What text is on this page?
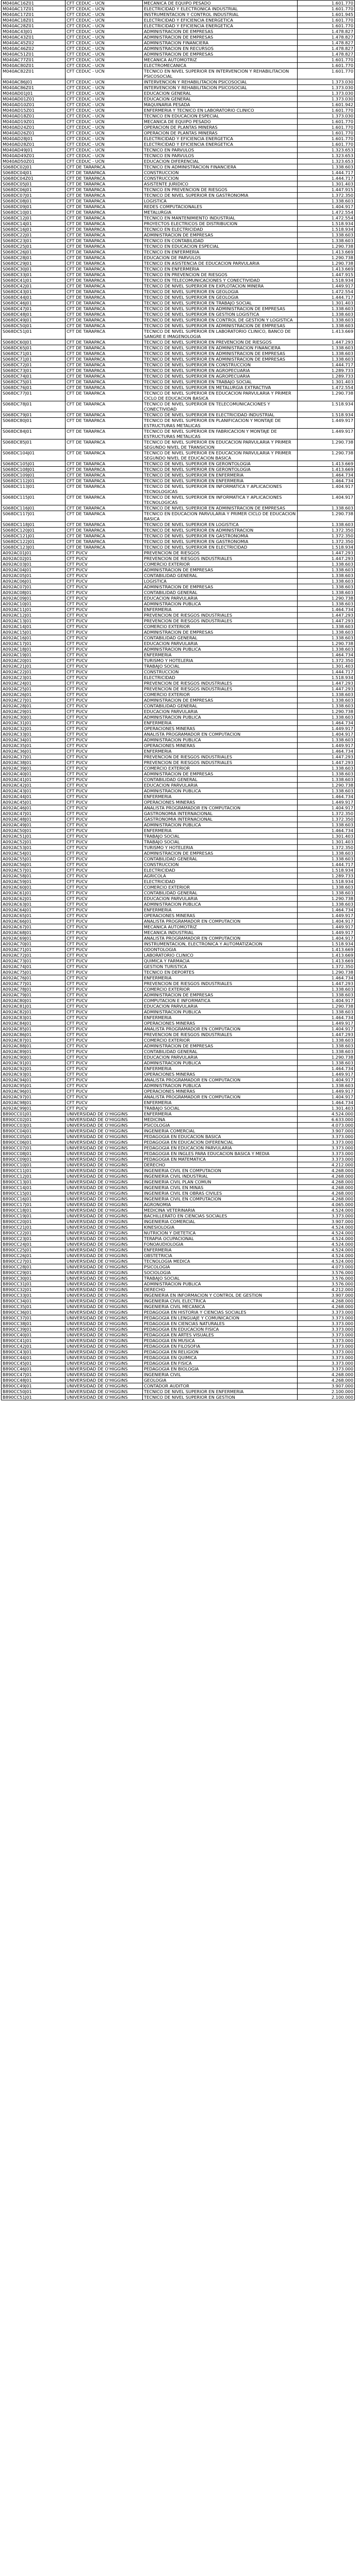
M040AC16Z01	CFT CEDUC - UCN	MECANICA DE EQUIPO PESADO	1.601.770
M040AC17Z01	CFT CEDUC - UCN	ELECTRICIDAD Y ELECTRONICA INDUSTRIAL	1.601.770
M040AC17Z01	CFT CEDUC - UCN	INSTRUMENTACION Y CONTROL INDUSTRIAL	1.601.945
M040AC18Z01	CFT CEDUC - UCN	ELECTRICIDAD Y EFICIENCIA ENERGETICA	1.601.770
M040AC28Z01	CFT CEDUC - UCN	ELECTRICIDAD Y EFICIENCIA ENERGETICA	1.601.770
M040AC43J01	CFT CEDUC - UCN	ADMINISTRACION DE EMPRESAS	1.478.827
M040AC43Z01	CFT CEDUC - UCN	ADMINISTRACION DE EMPRESAS	1.478.827
M040AC45Z02	CFT CEDUC - UCN	ADMINISTRACION FINANCIERA	1.478.827
M040AC46Z02	CFT CEDUC - UCN	ADMINISTRACION EN RECURSOS	1.478.827
M040AC51Z01	CFT CEDUC - UCN	ADMINISTRACION DE EMPRESAS	1.478.827
M040AC77Z01	CFT CEDUC - UCN	MECANICA AUTOMOTRIZ	1.601.770
M040AC80Z01	CFT CEDUC - UCN	ELECTROMECANICA	1.601.770
M040AC82Z01	CFT CEDUC - UCN	TECNICO EN NIVEL SUPERIOR EN INTERVENCION Y REHABILITACION PSICOSOCIAL	1.601.770
M040AC86J01	CFT CEDUC - UCN	INTERVENCION Y REHABILITACION PSICOSOCIAL	1.373.030
M040AC86Z01	CFT CEDUC - UCN	INTERVENCION Y REHABILITACION PSICOSOCIAL	1.373.030
M040AD01J01	CFT CEDUC - UCN	EDUCACION GENERAL	1.373.030
M040AD01Z01	CFT CEDUC - UCN	EDUCACION GENERAL	1.373.030
M040AD10Z01	CFT CEDUC - UCN	MAQUINARIA PESADA	1.601.942
M040AD15Z01	CFT CEDUC - UCN	ENFERMERIA Y TECNICO EN LABORATORIO CLINICO	1.601.770
M040AD18Z01	CFT CEDUC - UCN	TECNICO EN EDUCACION ESPECIAL	1.373.030
M040AD19Z01	CFT CEDUC - UCN	MECANICA DE EQUIPO PESADO	1.601.770
M040AD24Z01	CFT CEDUC - UCN	OPERACION DE PLANTAS MINERAS	1.601.770
M040AD26Z01	CFT CEDUC - UCN	OPERACION DE PLANTAS MINERAS	1.601.770
M040AD28J01	CFT CEDUC - UCN	ELECTRICIDAD Y EFICIENCIA ENERGETICA	1.601.770
M040AD28Z01	CFT CEDUC - UCN	ELECTRICIDAD Y EFICIENCIA ENERGETICA	1.601.770
M040AD49J01	CFT CEDUC - UCN	TECNICO EN PARVULOS	1.323.653
M040AD49Z01	CFT CEDUC - UCN	TECNICO EN PARVULOS	1.323.653
M040AD50Z01	CFT CEDUC - UCN	EDUCACION DIFERENCIAL	1.323.653
S068DC02J01	CFT DE TARAPACA	TECNICO EN ADMINISTRACION FINANCIERA	1.338.603
S068DC04J01	CFT DE TARAPACA	CONSTRUCCION	1.444.717
S068DC04Z01	CFT DE TARAPACA	CONSTRUCCION	1.444.717
S068DC05J01	CFT DE TARAPACA	ASISTENTE JURIDICO	1.301.403
S068DC06J01	CFT DE TARAPACA	TECNICO EN PREVENCION DE RIESGOS	1.447.915
S068DC07J01	CFT DE TARAPACA	TECNICO DE NIVEL SUPERIOR EN GASTRONOMIA	1.372.350
S068DC08J01	CFT DE TARAPACA	LOGISTICA	1.338.603
S068DC09J01	CFT DE TARAPACA	REDES COMPUTACIONALES	1.404.917
S068DC10J01	CFT DE TARAPACA	METALURGIA	1.472.554
S068DC12J01	CFT DE TARAPACA	TECNICO EN MANTENIMIENTO INDUSTRIAL	1.472.554
S068DC14J01	CFT DE TARAPACA	PROYECTOS ELECTRICOS DE DISTRIBUCION	1.518.934
S068DC16J01	CFT DE TARAPACA	TECNICO EN ELECTRICIDAD	1.518.934
S068DC22J01	CFT DE TARAPACA	ADMINISTRACION DE EMPRESAS	1.338.603
S068DC23J01	CFT DE TARAPACA	TECNICO EN CONTABILIDAD	1.338.603
S068DC25J01	CFT DE TARAPACA	TECNICO EN EDUCACION ESPECIAL	1.290.738
S068DC26J01	CFT DE TARAPACA	TECNICO EN ENFERMERIA	1.413.669
S068DC28J01	CFT DE TARAPACA	EDUCACION DE PARVULOS	1.290.738
S068DC29J01	CFT DE TARAPACA	TECNICO EN ASISTENCIA DE EDUCACION PARVULARIA	1.290.738
S068DC30J01	CFT DE TARAPACA	TECNICO EN ENFERMERIA	1.413.669
S068DC33J01	CFT DE TARAPACA	TECNICO EN PREVENCION DE RIESGOS	1.447.915
S068DC41J01	CFT DE TARAPACA	TECNICO EN TELECOMUNICACIONES Y CONECTIVIDAD	1.518.934
S068DC42J01	CFT DE TARAPACA	TECNICO DE NIVEL SUPERIOR EN EXPLOTACION MINERA	1.449.917
S068DC43J01	CFT DE TARAPACA	TECNICO DE NIVEL SUPERIOR EN GEOLOGIA	1.472.554
S068DC44J01	CFT DE TARAPACA	TECNICO DE NIVEL SUPERIOR EN GEOLOGIA	1.444.717
S068DC46J01	CFT DE TARAPACA	TECNICO DE NIVEL SUPERIOR EN TRABAJO SOCIAL	1.301.403
S068DC47J01	CFT DE TARAPACA	TECNICO DE NIVEL SUPERIOR EN ADMINISTRACION DE EMPRESAS	1.338.603
S068DC48J01	CFT DE TARAPACA	TECNICO DE NIVEL SUPERIOR EN GESTION LOGISTICA	1.338.603
S068DC49J01	CFT DE TARAPACA	TECNICO DE NIVEL SUPERIOR EN CONTROL DE GESTION Y LOGISTICA	1.338.603
S068DC50J01	CFT DE TARAPACA	TECNICO DE NIVEL SUPERIOR EN ADMINISTRACION DE EMPRESAS	1.338.603
S068DC51J01	CFT DE TARAPACA	TECNICO DE NIVEL SUPERIOR EN LABORATORIO CLINICO, BANCO DE SANGRE E IMAGENOLOGIA	1.413.669
S068DC60J01	CFT DE TARAPACA	TECNICO DE NIVEL SUPERIOR EN PREVENCION DE RIESGOS	1.447.293
S068DC65J01	CFT DE TARAPACA	TECNICO DE NIVEL SUPERIOR EN ADMINISTRACION FINANCIERA	1.338.603
S068DC71J01	CFT DE TARAPACA	TECNICO DE NIVEL SUPERIOR EN ADMINISTRACION DE EMPRESAS	1.338.603
S068DC71J01	CFT DE TARAPACA	TECNICO DE NIVEL SUPERIOR EN ADMINISTRACION DE EMPRESAS	1.338.603
S068DC72J01	CFT DE TARAPACA	TECNICO DE NIVEL SUPERIOR EN CONSTRUCCION	1.444.717
S068DC73J01	CFT DE TARAPACA	TECNICO DE NIVEL SUPERIOR EN AGROPECUARIA	1.289.733
S068DC74J01	CFT DE TARAPACA	TECNICO DE NIVEL SUPERIOR EN AGROPECUARIA	1.289.733
S068DC75J01	CFT DE TARAPACA	TECNICO DE NIVEL SUPERIOR EN TRABAJO SOCIAL	1.301.403
S068DC76J01	CFT DE TARAPACA	TECNICO DE NIVEL SUPERIOR EN METALURGIA EXTRACTIVA	1.472.554
S068DC77J01	CFT DE TARAPACA	TECNICO DE NIVEL SUPERIOR EN EDUCACION PARVULARIA Y PRIMER CICLO DE EDUCACION BASICA	1.290.738
S068DC78J01	CFT DE TARAPACA	TECNICO DE NIVEL SUPERIOR EN TELECOMUNICACIONES Y CONECTIVIDAD	1.518.934
S068DC79J01	CFT DE TARAPACA	TECNICO DE NIVEL SUPERIOR EN ELECTRICIDAD INDUSTRIAL	1.518.934
S068DC80J01	CFT DE TARAPACA	TECNICO DE NIVEL SUPERIOR EN PLANIFICACION Y MONTAJE DE ESTRUCTURAS METALICAS	1.449.917
S068DC84J01	CFT DE TARAPACA	TECNICO DE NIVEL SUPERIOR EN FABRICACION Y MONTAJE DE ESTRUCTURAS METALICAS	1.449.917
S068DC85J01	CFT DE TARAPACA	TECNICO DE NIVEL SUPERIOR EN EDUCACION PARVULARIA Y PRIMER SEGUNDO NIVEL DE TRANSICION	1.290.738
S068DC104J01	CFT DE TARAPACA	TECNICO DE NIVEL SUPERIOR EN EDUCACION PARVULARIA Y PRIMER SEGUNDO NIVEL DE EDUCACION BASICA	1.290.738
S068DC105J01	CFT DE TARAPACA	TECNICO DE NIVEL SUPERIOR EN GERONTOLOGIA	1.413.669
S068DC108J01	CFT DE TARAPACA	TECNICO DE NIVEL SUPERIOR EN GERONTOLOGIA	1.413.669
S068DC109J01	CFT DE TARAPACA	TECNICO DE NIVEL SUPERIOR EN ENFERMERIA	1.464.734
S068DC112J01	CFT DE TARAPACA	TECNICO DE NIVEL SUPERIOR EN ENFERMERIA	1.464.734
S068DC113J01	CFT DE TARAPACA	TECNICO DE NIVEL SUPERIOR EN INFORMATICA Y APLICACIONES TECNOLOGICAS	1.404.917
S068DC115J01	CFT DE TARAPACA	TECNICO DE NIVEL SUPERIOR EN INFORMATICA Y APLICACIONES TECNOLOGICAS	1.404.917
S068DC116J01	CFT DE TARAPACA	TECNICO DE NIVEL SUPERIOR EN ADMINISTRACION DE EMPRESAS	1.338.603
S068DC117J01	CFT DE TARAPACA	TECNICO EN EDUCACION PARVULARIA Y PRIMER CICLO DE EDUCACION BASICA	1.290.738
S068DC118J01	CFT DE TARAPACA	TECNICO DE NIVEL SUPERIOR EN LOGISTICA	1.338.603
S068DC120J01	CFT DE TARAPACA	TECNICO DE NIVEL SUPERIOR EN ADMINISTRACION	1.372.350
S068DC121J01	CFT DE TARAPACA	TECNICO DE NIVEL SUPERIOR EN GASTRONOMIA	1.372.350
S068DC122J01	CFT DE TARAPACA	TECNICO DE NIVEL SUPERIOR EN GASTRONOMIA	1.372.350
S068DC123J01	CFT DE TARAPACA	TECNICO DE NIVEL SUPERIOR EN ELECTRICIDAD	1.518.934
A092AC01J01	CFT PUCV	PREVENCION DE RIESGOS	1.447.293
A092AC02J01	CFT PUCV	PREVENCION DE RIESGOS INDUSTRIALES	1.447.293
A092AC03J01	CFT PUCV	COMERCIO EXTERIOR	1.338.603
A092AC04J01	CFT PUCV	ADMINISTRACION DE EMPRESAS	1.338.603
A092AC05J01	CFT PUCV	CONTABILIDAD GENERAL	1.338.603
A092AC06J01	CFT PUCV	LOGISTICA	1.338.603
A092AC07J01	CFT PUCV	ADMINISTRACION DE EMPRESAS	1.338.603
A092AC08J01	CFT PUCV	CONTABILIDAD GENERAL	1.338.603
A092AC09J01	CFT PUCV	EDUCACION PARVULARIA	1.290.738
A092AC10J01	CFT PUCV	ADMINISTRACION PUBLICA	1.338.603
A092AC11J01	CFT PUCV	ENFERMERIA	1.464.734
A092AC12J01	CFT PUCV	PREVENCION DE RIESGOS INDUSTRIALES	1.447.293
A092AC13J01	CFT PUCV	PREVENCION DE RIESGOS INDUSTRIALES	1.447.293
A092AC14J01	CFT PUCV	COMERCIO EXTERIOR	1.338.603
A092AC15J01	CFT PUCV	ADMINISTRACION DE EMPRESAS	1.338.603
A092AC16J01	CFT PUCV	CONTABILIDAD GENERAL	1.338.603
A092AC17J01	CFT PUCV	EDUCACION PARVULARIA	1.290.738
A092AC18J01	CFT PUCV	ADMINISTRACION PUBLICA	1.338.603
A092AC19J01	CFT PUCV	ENFERMERIA	1.464.734
A092AC20J01	CFT PUCV	TURISMO Y HOTELERIA	1.372.350
A092AC21J01	CFT PUCV	TRABAJO SOCIAL	1.301.403
A092AC22J01	CFT PUCV	CONSTRUCCION	1.444.717
A092AC23J01	CFT PUCV	ELECTRICIDAD	1.518.934
A092AC24J01	CFT PUCV	PREVENCION DE RIESGOS INDUSTRIALES	1.447.293
A092AC25J01	CFT PUCV	PREVENCION DE RIESGOS INDUSTRIALES	1.447.293
A092AC26J01	CFT PUCV	COMERCIO EXTERIOR	1.338.603
A092AC27J01	CFT PUCV	ADMINISTRACION DE EMPRESAS	1.338.603
A092AC28J01	CFT PUCV	CONTABILIDAD GENERAL	1.338.603
A092AC29J01	CFT PUCV	EDUCACION PARVULARIA	1.290.738
A092AC30J01	CFT PUCV	ADMINISTRACION PUBLICA	1.338.603
A092AC31J01	CFT PUCV	ENFERMERIA	1.464.734
A092AC32J01	CFT PUCV	OPERACIONES MINERAS	1.449.917
A092AC33J01	CFT PUCV	ANALISTA PROGRAMADOR EN COMPUTACION	1.404.917
A092AC34J01	CFT PUCV	ADMINISTRACION PUBLICA	1.338.603
A092AC35J01	CFT PUCV	OPERACIONES MINERAS	1.449.917
A092AC36J01	CFT PUCV	ENFERMERIA	1.464.734
A092AC37J01	CFT PUCV	PREVENCION DE RIESGOS INDUSTRIALES	1.447.293
A092AC38J01	CFT PUCV	PREVENCION DE RIESGOS INDUSTRIALES	1.447.293
A092AC39J01	CFT PUCV	COMERCIO EXTERIOR	1.338.603
A092AC40J01	CFT PUCV	ADMINISTRACION DE EMPRESAS	1.338.603
A092AC41J01	CFT PUCV	CONTABILIDAD GENERAL	1.338.603
A092AC42J01	CFT PUCV	EDUCACION PARVULARIA	1.290.738
A092AC43J01	CFT PUCV	ADMINISTRACION PUBLICA	1.338.603
A092AC44J01	CFT PUCV	ENFERMERIA	1.464.734
A092AC45J01	CFT PUCV	OPERACIONES MINERAS	1.449.917
A092AC46J01	CFT PUCV	ANALISTA PROGRAMADOR EN COMPUTACION	1.404.917
A092AC47J01	CFT PUCV	GASTRONOMIA INTERNACIONAL	1.372.350
A092AC48J01	CFT PUCV	GASTRONOMIA INTERNACIONAL	1.372.350
A092AC49J01	CFT PUCV	ADMINISTRACION PUBLICA	1.338.603
A092AC50J01	CFT PUCV	ENFERMERIA	1.464.734
A092AC51J01	CFT PUCV	TRABAJO SOCIAL	1.301.403
A092AC52J01	CFT PUCV	TRABAJO SOCIAL	1.301.403
A092AC53J01	CFT PUCV	TURISMO Y HOTELERIA	1.372.350
A092AC54J01	CFT PUCV	ADMINISTRACION DE EMPRESAS	1.338.603
A092AC55J01	CFT PUCV	CONTABILIDAD GENERAL	1.338.603
A092AC56J01	CFT PUCV	CONSTRUCCION	1.444.717
A092AC57J01	CFT PUCV	ELECTRICIDAD	1.518.934
A092AC58J01	CFT PUCV	AGRICOLA	1.289.733
A092AC59J01	CFT PUCV	ELECTRICIDAD	1.518.934
A092AC60J01	CFT PUCV	COMERCIO EXTERIOR	1.338.603
A092AC61J01	CFT PUCV	CONTABILIDAD GENERAL	1.338.603
A092AC62J01	CFT PUCV	EDUCACION PARVULARIA	1.290.738
A092AC63J01	CFT PUCV	ADMINISTRACION PUBLICA	1.338.603
A092AC64J01	CFT PUCV	ENFERMERIA	1.464.734
A092AC65J01	CFT PUCV	OPERACIONES MINERAS	1.449.917
A092AC66J01	CFT PUCV	ANALISTA PROGRAMADOR EN COMPUTACION	1.404.917
A092AC67J01	CFT PUCV	MECANICA AUTOMOTRIZ	1.449.917
A092AC68J01	CFT PUCV	MECANICA INDUSTRIAL	1.449.917
A092AC69J01	CFT PUCV	ANALISTA PROGRAMADOR EN COMPUTACION	1.404.917
A092AC70J01	CFT PUCV	INSTRUMENTACION, ELECTRONICA Y AUTOMATIZACION	1.518.934
A092AC71J01	CFT PUCV	ODONTOLOGIA	1.413.669
A092AC72J01	CFT PUCV	LABORATORIO CLINICO	1.413.669
A092AC73J01	CFT PUCV	QUIMICA Y FARMACIA	1.413.669
A092AC74J01	CFT PUCV	GESTION TURISTICA	1.372.350
A092AC75J01	CFT PUCV	TECNICO EN DEPORTES	1.290.738
A092AC76J01	CFT PUCV	ENFERMERIA	1.464.734
A092AC77J01	CFT PUCV	PREVENCION DE RIESGOS INDUSTRIALES	1.447.293
A092AC78J01	CFT PUCV	COMERCIO EXTERIOR	1.338.603
A092AC79J01	CFT PUCV	ADMINISTRACION DE EMPRESAS	1.338.603
A092AC80J01	CFT PUCV	COMPUTACION E INFORMATICA	1.404.917
A092AC81J01	CFT PUCV	EDUCACION PARVULARIA	1.290.738
A092AC82J01	CFT PUCV	ADMINISTRACION PUBLICA	1.338.603
A092AC83J01	CFT PUCV	ENFERMERIA	1.464.734
A092AC84J01	CFT PUCV	OPERACIONES MINERAS	1.449.917
A092AC85J01	CFT PUCV	ANALISTA PROGRAMADOR EN COMPUTACION	1.404.917
A092AC86J01	CFT PUCV	PREVENCION DE RIESGOS INDUSTRIALES	1.447.293
A092AC87J01	CFT PUCV	COMERCIO EXTERIOR	1.338.603
A092AC88J01	CFT PUCV	ADMINISTRACION DE EMPRESAS	1.338.603
A092AC89J01	CFT PUCV	CONTABILIDAD GENERAL	1.338.603
A092AC90J01	CFT PUCV	EDUCACION PARVULARIA	1.290.738
A092AC91J01	CFT PUCV	ADMINISTRACION PUBLICA	1.338.603
A092AC92J01	CFT PUCV	ENFERMERIA	1.464.734
A092AC93J01	CFT PUCV	OPERACIONES MINERAS	1.449.917
A092AC94J01	CFT PUCV	ANALISTA PROGRAMADOR EN COMPUTACION	1.404.917
A092AC95J01	CFT PUCV	ADMINISTRACION PUBLICA	1.338.603
A092AC96J01	CFT PUCV	OPERACIONES MINERAS	1.449.917
A092AC97J01	CFT PUCV	ANALISTA PROGRAMADOR EN COMPUTACION	1.404.917
A092AC98J01	CFT PUCV	ENFERMERIA	1.464.734
A092AC99J01	CFT PUCV	TRABAJO SOCIAL	1.301.403
B890CC01J01	UNIVERSIDAD DE O'HIGGINS	ENFERMERIA	4.524.000
B890CC02J01	UNIVERSIDAD DE O'HIGGINS	MEDICINA	6.633.000
B890CC03J01	UNIVERSIDAD DE O'HIGGINS	PSICOLOGIA	4.073.000
B890CC04J01	UNIVERSIDAD DE O'HIGGINS	INGENIERIA COMERCIAL	3.907.000
B890CC05J01	UNIVERSIDAD DE O'HIGGINS	PEDAGOGIA EN EDUCACION BASICA	3.373.000
B890CC06J01	UNIVERSIDAD DE O'HIGGINS	PEDAGOGIA EN EDUCACION DIFERENCIAL	3.373.000
B890CC07J01	UNIVERSIDAD DE O'HIGGINS	PEDAGOGIA EN EDUCACION PARVULARIA	3.373.000
B890CC08J01	UNIVERSIDAD DE O'HIGGINS	PEDAGOGIA EN INGLES PARA EDUCACION BASICA Y MEDIA	3.373.000
B890CC09J01	UNIVERSIDAD DE O'HIGGINS	PEDAGOGIA EN MATEMATICA	3.373.000
B890CC10J01	UNIVERSIDAD DE O'HIGGINS	DERECHO	4.212.000
B890CC11J01	UNIVERSIDAD DE O'HIGGINS	INGENIERIA CIVIL EN COMPUTACION	4.268.000
B890CC12J01	UNIVERSIDAD DE O'HIGGINS	INGENIERIA CIVIL INDUSTRIAL	4.268.000
B890CC13J01	UNIVERSIDAD DE O'HIGGINS	INGENIERIA CIVIL PLAN COMUN	4.268.000
B890CC14J01	UNIVERSIDAD DE O'HIGGINS	INGENIERIA CIVIL EN MINAS	4.268.000
B890CC15J01	UNIVERSIDAD DE O'HIGGINS	INGENIERIA CIVIL EN OBRAS CIVILES	4.268.000
B890CC16J01	UNIVERSIDAD DE O'HIGGINS	INGENIERIA CIVIL EN COMPUTACION	4.268.000
B890CC17J01	UNIVERSIDAD DE O'HIGGINS	AGRONOMIA	4.065.000
B890CC18J01	UNIVERSIDAD DE O'HIGGINS	MEDICINA VETERINARIA	4.524.000
B890CC19J01	UNIVERSIDAD DE O'HIGGINS	BACHILLERATO EN CIENCIAS SOCIALES	3.373.000
B890CC20J01	UNIVERSIDAD DE O'HIGGINS	INGENIERIA COMERCIAL	3.907.000
B890CC21J01	UNIVERSIDAD DE O'HIGGINS	KINESIOLOGIA	4.524.000
B890CC22J01	UNIVERSIDAD DE O'HIGGINS	NUTRICION Y DIETETICA	4.524.000
B890CC23J01	UNIVERSIDAD DE O'HIGGINS	TERAPIA OCUPACIONAL	4.524.000
B890CC24J01	UNIVERSIDAD DE O'HIGGINS	FONOAUDIOLOGIA	4.524.000
B890CC25J01	UNIVERSIDAD DE O'HIGGINS	ENFERMERIA	4.524.000
B890CC26J01	UNIVERSIDAD DE O'HIGGINS	OBSTETRICIA	4.524.000
B890CC27J01	UNIVERSIDAD DE O'HIGGINS	TECNOLOGIA MEDICA	4.524.000
B890CC28J01	UNIVERSIDAD DE O'HIGGINS	PSICOLOGIA	4.073.000
B890CC29J01	UNIVERSIDAD DE O'HIGGINS	SOCIOLOGIA	3.576.000
B890CC30J01	UNIVERSIDAD DE O'HIGGINS	TRABAJO SOCIAL	3.576.000
B890CC31J01	UNIVERSIDAD DE O'HIGGINS	ADMINISTRACION PUBLICA	3.576.000
B890CC32J01	UNIVERSIDAD DE O'HIGGINS	DERECHO	4.212.000
B890CC33J01	UNIVERSIDAD DE O'HIGGINS	INGENIERIA EN INFORMACION Y CONTROL DE GESTION	3.907.000
B890CC34J01	UNIVERSIDAD DE O'HIGGINS	INGENIERIA CIVIL ELECTRICA	4.268.000
B890CC35J01	UNIVERSIDAD DE O'HIGGINS	INGENIERIA CIVIL MECANICA	4.268.000
B890CC36J01	UNIVERSIDAD DE O'HIGGINS	PEDAGOGIA EN HISTORIA Y CIENCIAS SOCIALES	3.373.000
B890CC37J01	UNIVERSIDAD DE O'HIGGINS	PEDAGOGIA EN LENGUAJE Y COMUNICACION	3.373.000
B890CC38J01	UNIVERSIDAD DE O'HIGGINS	PEDAGOGIA EN CIENCIAS NATURALES	3.373.000
B890CC39J01	UNIVERSIDAD DE O'HIGGINS	PEDAGOGIA EN EDUCACION FISICA	3.373.000
B890CC40J01	UNIVERSIDAD DE O'HIGGINS	PEDAGOGIA EN ARTES VISUALES	3.373.000
B890CC41J01	UNIVERSIDAD DE O'HIGGINS	PEDAGOGIA EN MUSICA	3.373.000
B890CC42J01	UNIVERSIDAD DE O'HIGGINS	PEDAGOGIA EN FILOSOFIA	3.373.000
B890CC43J01	UNIVERSIDAD DE O'HIGGINS	PEDAGOGIA EN RELIGION	3.373.000
B890CC44J01	UNIVERSIDAD DE O'HIGGINS	PEDAGOGIA EN QUIMICA	3.373.000
B890CC45J01	UNIVERSIDAD DE O'HIGGINS	PEDAGOGIA EN FISICA	3.373.000
B890CC46J01	UNIVERSIDAD DE O'HIGGINS	PEDAGOGIA EN BIOLOGIA	3.373.000
B890CC47J01	UNIVERSIDAD DE O'HIGGINS	INGENIERIA CIVIL	4.268.000
B890CC48J01	UNIVERSIDAD DE O'HIGGINS	GEOLOGIA	4.268.000
B890CC49J01	UNIVERSIDAD DE O'HIGGINS	CONTADOR AUDITOR	3.907.000
B890CC50J01	UNIVERSIDAD DE O'HIGGINS	TECNICO DE NIVEL SUPERIOR EN ENFERMERIA	2.100.000
B890CC51J01	UNIVERSIDAD DE O'HIGGINS	TECNICO DE NIVEL SUPERIOR EN GESTION	2.100.000
